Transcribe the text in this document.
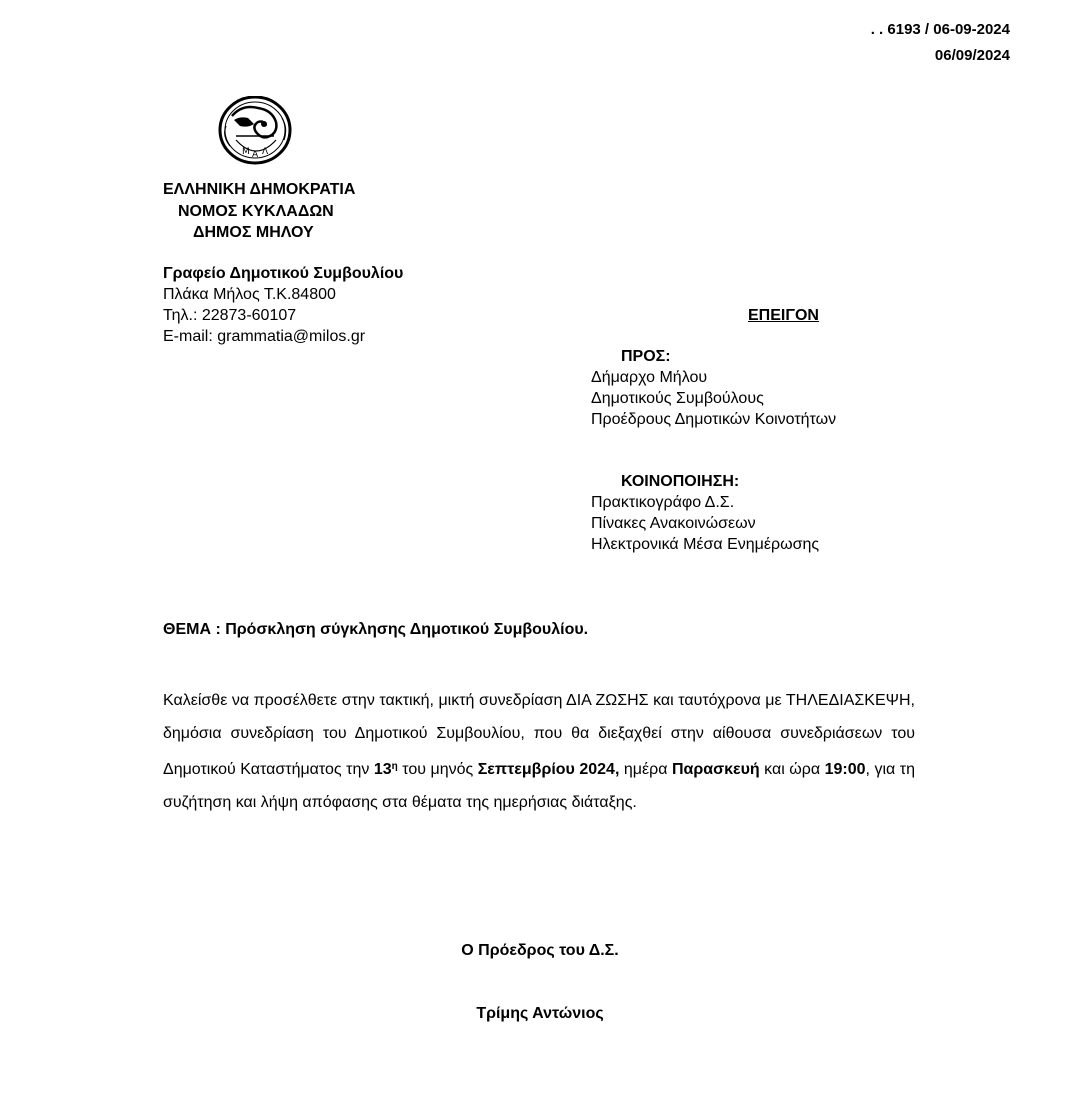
. . 6193 / 06-09-2024
06/09/2024
Μ Α Λ
ΕΛΛΗΝΙΚΗ ΔΗΜΟΚΡΑΤΙΑ
ΝΟΜΟΣ ΚΥΚΛΑΔΩΝ
ΔΗΜΟΣ ΜΗΛΟΥ
Γραφείο Δημοτικού Συμβουλίου
Πλάκα Μήλος Τ.Κ.84800
Τηλ.: 22873-60107
E-mail: grammatia@milos.gr
ΕΠΕΙΓΟΝ
ΠΡΟΣ:
Δήμαρχο Μήλου
Δημοτικούς Συμβούλους
Προέδρους Δημοτικών Κοινοτήτων
ΚΟΙΝΟΠΟΙΗΣΗ:
Πρακτικογράφο Δ.Σ.
Πίνακες Ανακοινώσεων
Ηλεκτρονικά Μέσα Ενημέρωσης
ΘΕΜΑ : Πρόσκληση σύγκλησης Δημοτικού Συμβουλίου.
Καλείσθε να προσέλθετε στην τακτική, μικτή συνεδρίαση ΔΙΑ ΖΩΣΗΣ και ταυτόχρονα με ΤΗΛΕΔΙΑΣΚΕΨΗ, δημόσια συνεδρίαση του Δημοτικού Συμβουλίου, που θα διεξαχθεί στην αίθουσα συνεδριάσεων του Δημοτικού Καταστήματος την $13^\eta$ του μηνός Σεπτεμβρίου 2024, ημέρα Παρασκευή και ώρα 19:00, για τη συζήτηση και λήψη απόφασης στα θέματα της ημερήσιας διάταξης.
Ο Πρόεδρος του Δ.Σ.
Τρίμης Αντώνιος
